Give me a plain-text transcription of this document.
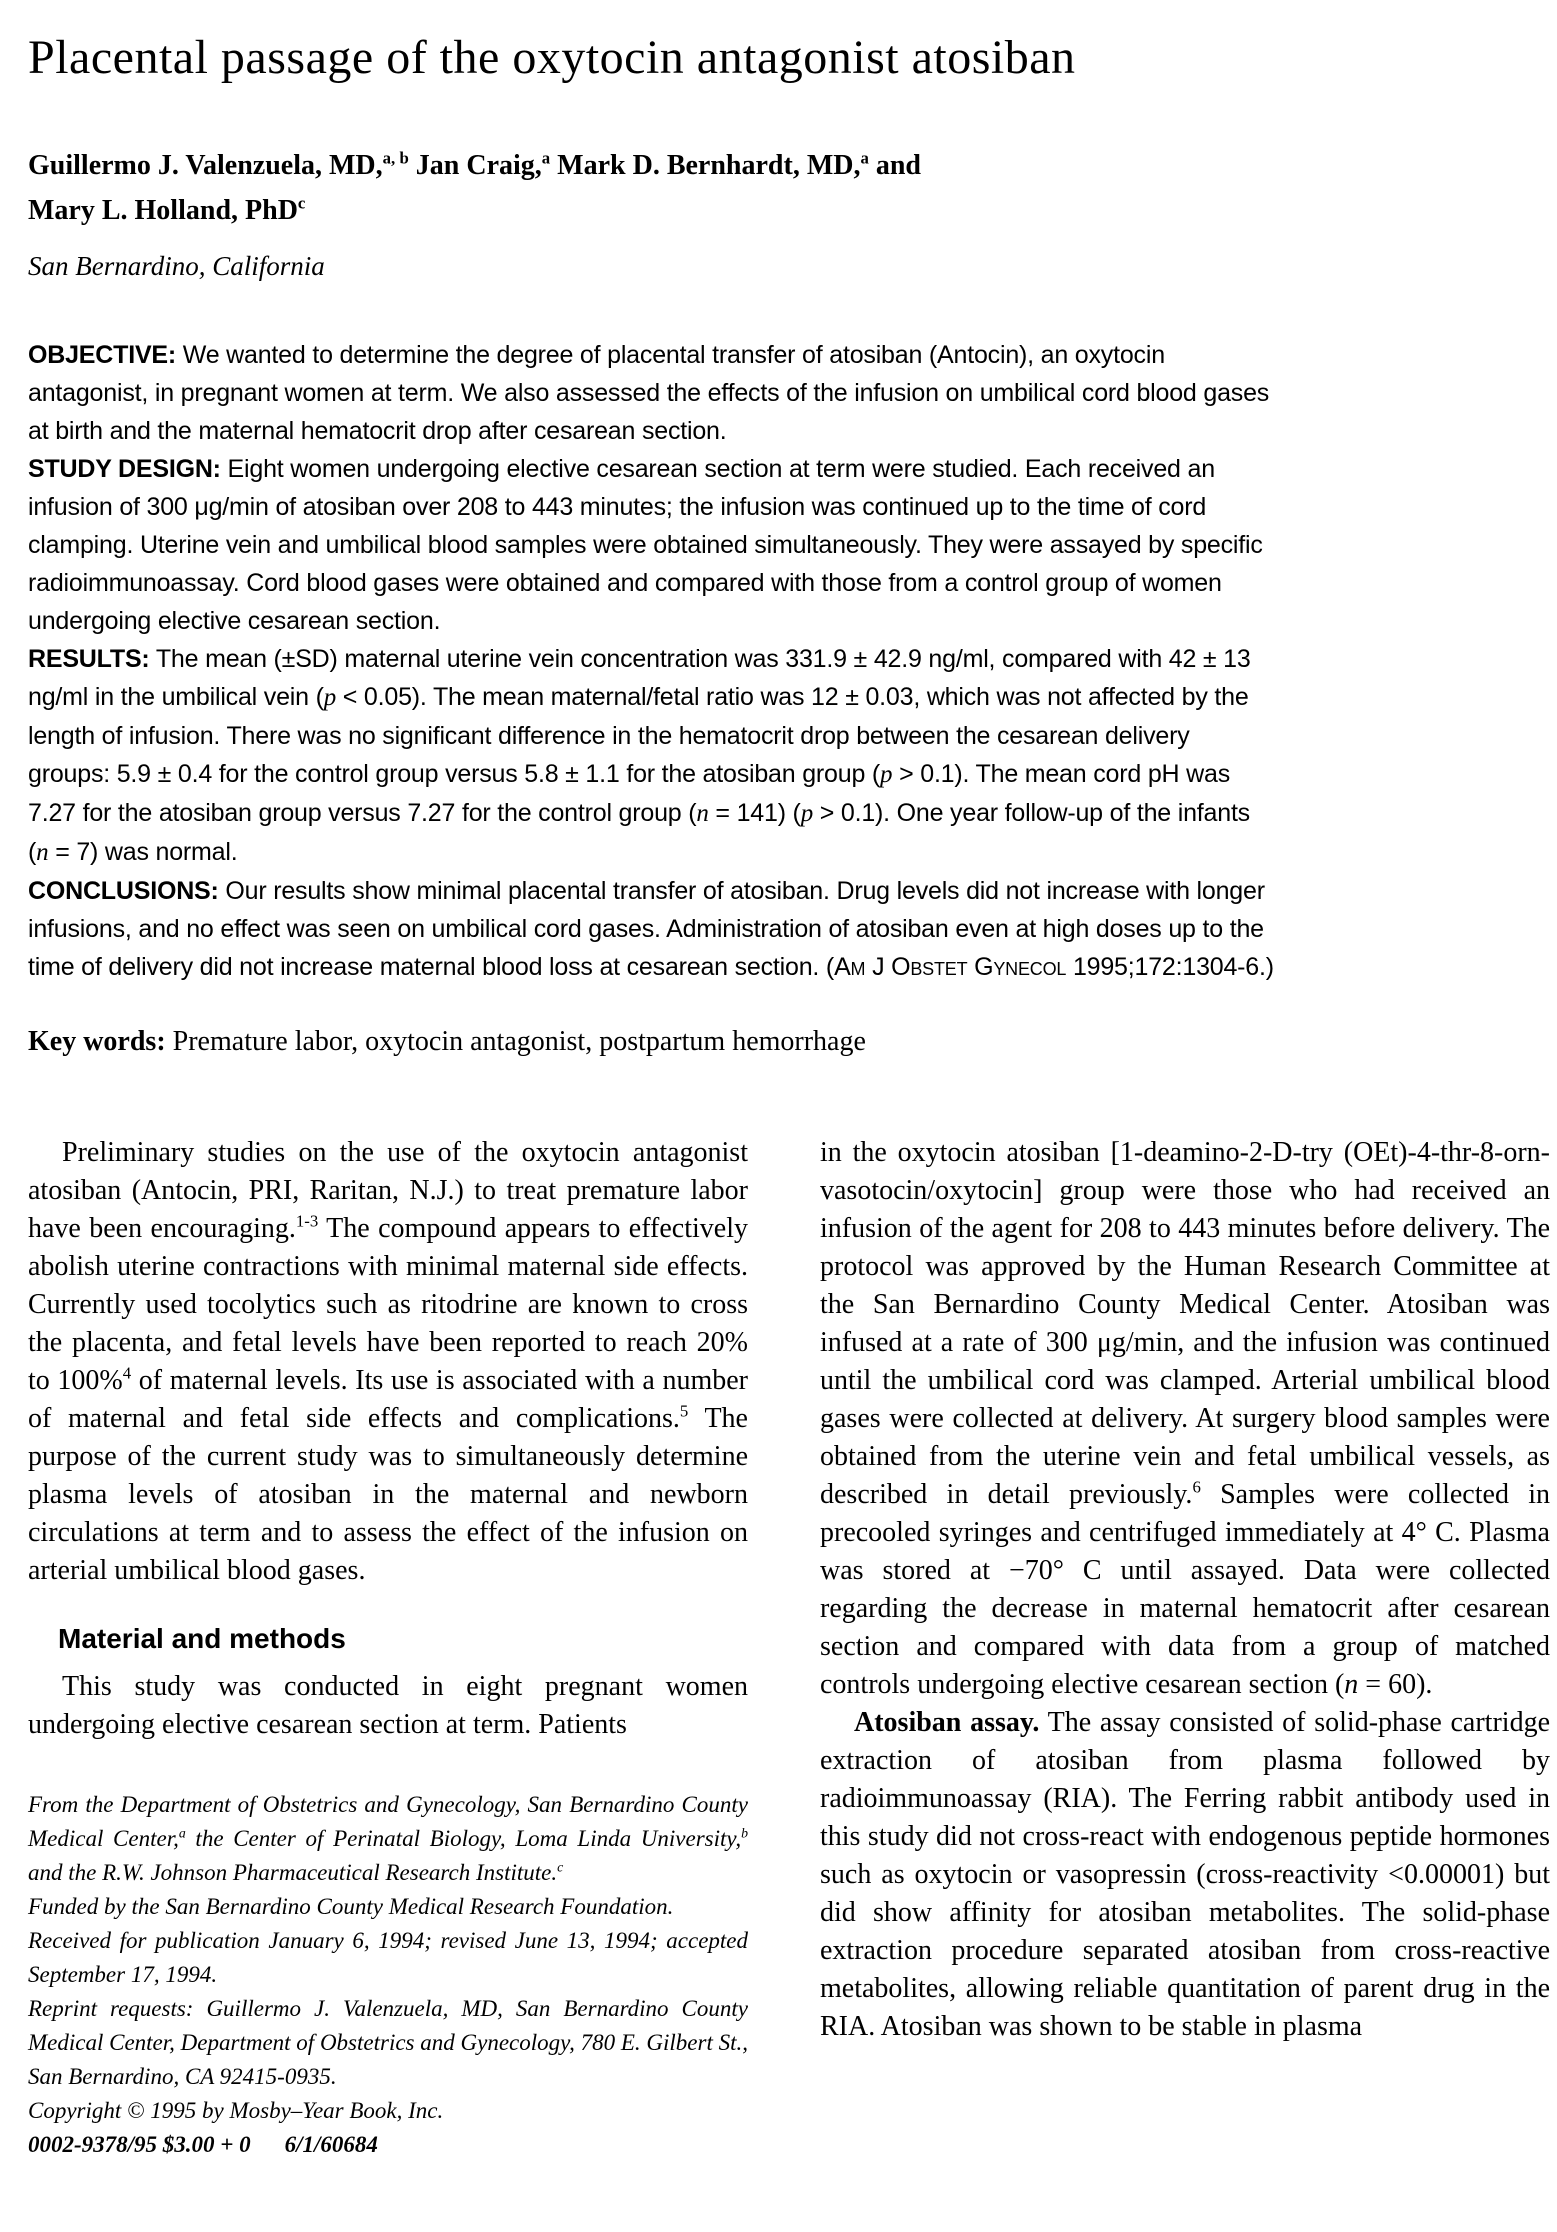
Placental passage of the oxytocin antagonist atosiban

Guillermo J. Valenzuela, MD,$^{a, b}$ Jan Craig,$^a$ Mark D. Bernhardt, MD,$^a$ and
Mary L. Holland, PhD$^c$

San Bernardino, California

OBJECTIVE: We wanted to determine the degree of placental transfer of atosiban (Antocin), an oxytocin antagonist, in pregnant women at term. We also assessed the effects of the infusion on umbilical cord blood gases at birth and the maternal hematocrit drop after cesarean section.

STUDY DESIGN: Eight women undergoing elective cesarean section at term were studied. Each received an infusion of 300 μg/min of atosiban over 208 to 443 minutes; the infusion was continued up to the time of cord clamping. Uterine vein and umbilical blood samples were obtained simultaneously. They were assayed by specific radioimmunoassay. Cord blood gases were obtained and compared with those from a control group of women undergoing elective cesarean section.

RESULTS: The mean (±SD) maternal uterine vein concentration was 331.9 ± 42.9 ng/ml, compared with 42 ± 13 ng/ml in the umbilical vein (p < 0.05). The mean maternal/fetal ratio was 12 ± 0.03, which was not affected by the length of infusion. There was no significant difference in the hematocrit drop between the cesarean delivery groups: 5.9 ± 0.4 for the control group versus 5.8 ± 1.1 for the atosiban group (p > 0.1). The mean cord pH was 7.27 for the atosiban group versus 7.27 for the control group (n = 141) (p > 0.1). One year follow-up of the infants (n = 7) was normal.

CONCLUSIONS: Our results show minimal placental transfer of atosiban. Drug levels did not increase with longer infusions, and no effect was seen on umbilical cord gases. Administration of atosiban even at high doses up to the time of delivery did not increase maternal blood loss at cesarean section. (Am J Obstet Gynecol 1995;172:1304-6.)

Key words: Premature labor, oxytocin antagonist, postpartum hemorrhage

Preliminary studies on the use of the oxytocin antagonist atosiban (Antocin, PRI, Raritan, N.J.) to treat premature labor have been encouraging.$^{1-3}$ The compound appears to effectively abolish uterine contractions with minimal maternal side effects. Currently used tocolytics such as ritodrine are known to cross the placenta, and fetal levels have been reported to reach 20% to 100%$^4$ of maternal levels. Its use is associated with a number of maternal and fetal side effects and complications.$^5$ The purpose of the current study was to simultaneously determine plasma levels of atosiban in the maternal and newborn circulations at term and to assess the effect of the infusion on arterial umbilical blood gases.

Material and methods

This study was conducted in eight pregnant women undergoing elective cesarean section at term. Patients

From the Department of Obstetrics and Gynecology, San Bernardino County Medical Center,$^a$ the Center of Perinatal Biology, Loma Linda University,$^b$ and the R.W. Johnson Pharmaceutical Research Institute.$^c$

Funded by the San Bernardino County Medical Research Foundation.

Received for publication January 6, 1994; revised June 13, 1994; accepted September 17, 1994.

Reprint requests: Guillermo J. Valenzuela, MD, San Bernardino County Medical Center, Department of Obstetrics and Gynecology, 780 E. Gilbert St., San Bernardino, CA 92415-0935.

Copyright © 1995 by Mosby–Year Book, Inc.

0002-9378/95 $3.00 + 0 6/1/60684

in the oxytocin atosiban [1-deamino-2-D-try (OEt)-4-thr-8-orn-vasotocin/oxytocin] group were those who had received an infusion of the agent for 208 to 443 minutes before delivery. The protocol was approved by the Human Research Committee at the San Bernardino County Medical Center. Atosiban was infused at a rate of 300 μg/min, and the infusion was continued until the umbilical cord was clamped. Arterial umbilical blood gases were collected at delivery. At surgery blood samples were obtained from the uterine vein and fetal umbilical vessels, as described in detail previously.$^6$ Samples were collected in precooled syringes and centrifuged immediately at 4° C. Plasma was stored at −70° C until assayed. Data were collected regarding the decrease in maternal hematocrit after cesarean section and compared with data from a group of matched controls undergoing elective cesarean section (n = 60).

Atosiban assay. The assay consisted of solid-phase cartridge extraction of atosiban from plasma followed by radioimmunoassay (RIA). The Ferring rabbit antibody used in this study did not cross-react with endogenous peptide hormones such as oxytocin or vasopressin (cross-reactivity <0.00001) but did show affinity for atosiban metabolites. The solid-phase extraction procedure separated atosiban from cross-reactive metabolites, allowing reliable quantitation of parent drug in the RIA. Atosiban was shown to be stable in plasma
